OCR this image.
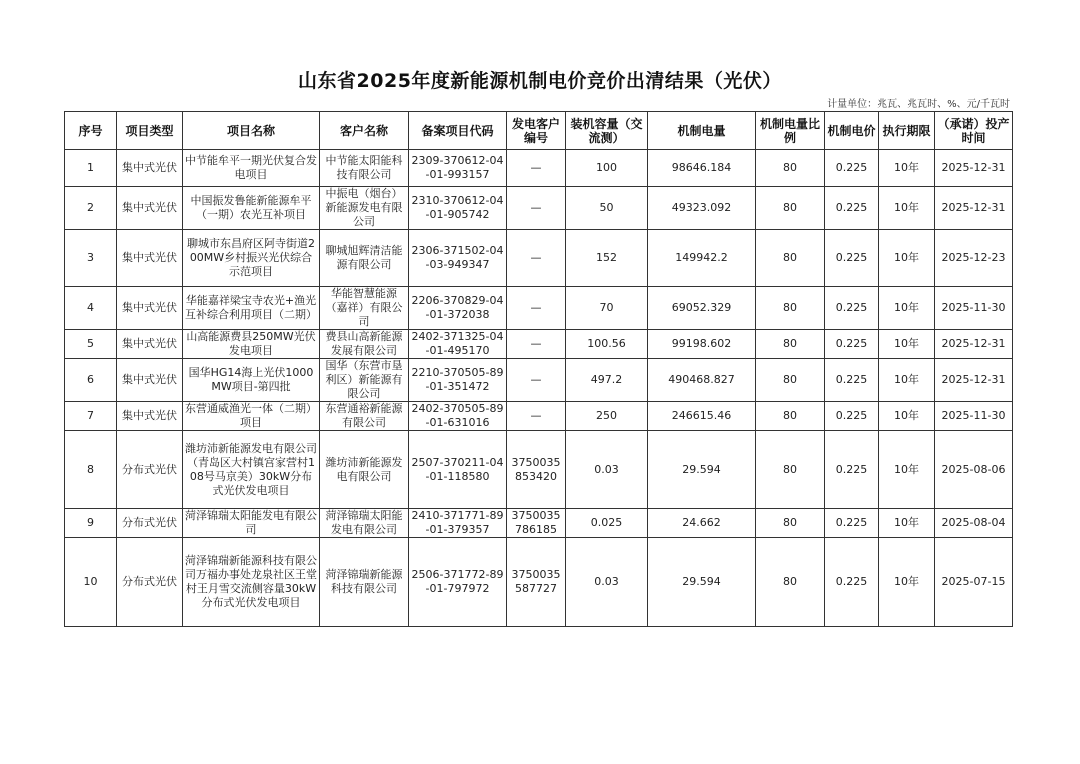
山东省2025年度新能源机制电价竞价出清结果（光伏）
计量单位：兆瓦、兆瓦时、%、元/千瓦时
序号	项目类型	项目名称	客户名称	备案项目代码	发电客户编号	装机容量（交流测）	机制电量	机制电量比例	机制电价	执行期限	（承诺）投产时间
1	集中式光伏	中节能牟平一期光伏复合发电项目	中节能太阳能科技有限公司	2309-370612-04-01-993157	—	100	98646.184	80	0.225	10年	2025-12-31
2	集中式光伏	中国振发鲁能新能源牟平（一期）农光互补项目	中振电（烟台）新能源发电有限公司	2310-370612-04-01-905742	—	50	49323.092	80	0.225	10年	2025-12-31
3	集中式光伏	聊城市东昌府区阿寺街道200MW乡村振兴光伏综合示范项目	聊城旭辉清洁能源有限公司	2306-371502-04-03-949347	—	152	149942.2	80	0.225	10年	2025-12-23
4	集中式光伏	华能嘉祥梁宝寺农光+渔光互补综合利用项目（二期）	华能智慧能源（嘉祥）有限公司	2206-370829-04-01-372038	—	70	69052.329	80	0.225	10年	2025-11-30
5	集中式光伏	山高能源费县250MW光伏发电项目	费县山高新能源发展有限公司	2402-371325-04-01-495170	—	100.56	99198.602	80	0.225	10年	2025-12-31
6	集中式光伏	国华HG14海上光伏1000MW项目-第四批	国华（东营市垦利区）新能源有限公司	2210-370505-89-01-351472	—	497.2	490468.827	80	0.225	10年	2025-12-31
7	集中式光伏	东营通威渔光一体（二期）项目	东营通裕新能源有限公司	2402-370505-89-01-631016	—	250	246615.46	80	0.225	10年	2025-11-30
8	分布式光伏	潍坊沛新能源发电有限公司（青岛区大村镇宫家营村108号马京美）30kW分布式光伏发电项目	潍坊沛新能源发电有限公司	2507-370211-04-01-118580	3750035853420	0.03	29.594	80	0.225	10年	2025-08-06
9	分布式光伏	菏泽锦瑞太阳能发电有限公司	菏泽锦瑞太阳能发电有限公司	2410-371771-89-01-379357	3750035786185	0.025	24.662	80	0.225	10年	2025-08-04
10	分布式光伏	菏泽锦瑞新能源科技有限公司万福办事处龙泉社区王堂村王月雪交流侧容量30kW分布式光伏发电项目	菏泽锦瑞新能源科技有限公司	2506-371772-89-01-797972	3750035587727	0.03	29.594	80	0.225	10年	2025-07-15
